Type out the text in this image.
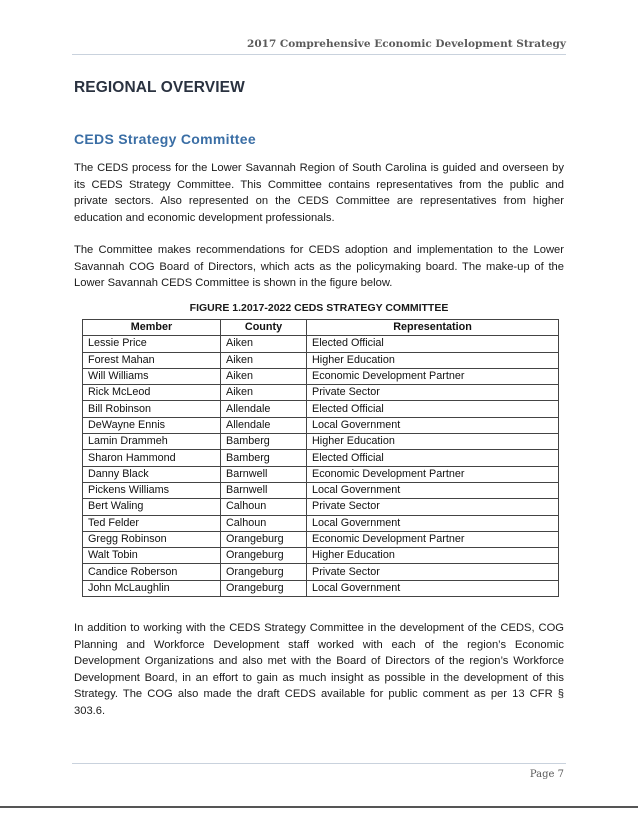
2017 Comprehensive Economic Development Strategy
REGIONAL OVERVIEW
CEDS Strategy Committee

The CEDS process for the Lower Savannah Region of South Carolina is guided and overseen by its CEDS Strategy Committee. This Committee contains representatives from the public and private sectors. Also represented on the CEDS Committee are representatives from higher education and economic development professionals.

The Committee makes recommendations for CEDS adoption and implementation to the Lower Savannah COG Board of Directors, which acts as the policymaking board. The make-up of the Lower Savannah CEDS Committee is shown in the figure below.

FIGURE 1.2017-2022 CEDS STRATEGY COMMITTEE
Member	County	Representation
Lessie Price	Aiken	Elected Official
Forest Mahan	Aiken	Higher Education
Will Williams	Aiken	Economic Development Partner
Rick McLeod	Aiken	Private Sector
Bill Robinson	Allendale	Elected Official
DeWayne Ennis	Allendale	Local Government
Lamin Drammeh	Bamberg	Higher Education
Sharon Hammond	Bamberg	Elected Official
Danny Black	Barnwell	Economic Development Partner
Pickens Williams	Barnwell	Local Government
Bert Waling	Calhoun	Private Sector
Ted Felder	Calhoun	Local Government
Gregg Robinson	Orangeburg	Economic Development Partner
Walt Tobin	Orangeburg	Higher Education
Candice Roberson	Orangeburg	Private Sector
John McLaughlin	Orangeburg	Local Government

In addition to working with the CEDS Strategy Committee in the development of the CEDS, COG Planning and Workforce Development staff worked with each of the region’s Economic Development Organizations and also met with the Board of Directors of the region’s Workforce Development Board, in an effort to gain as much insight as possible in the development of this Strategy. The COG also made the draft CEDS available for public comment as per 13 CFR § 303.6.

Page 7
